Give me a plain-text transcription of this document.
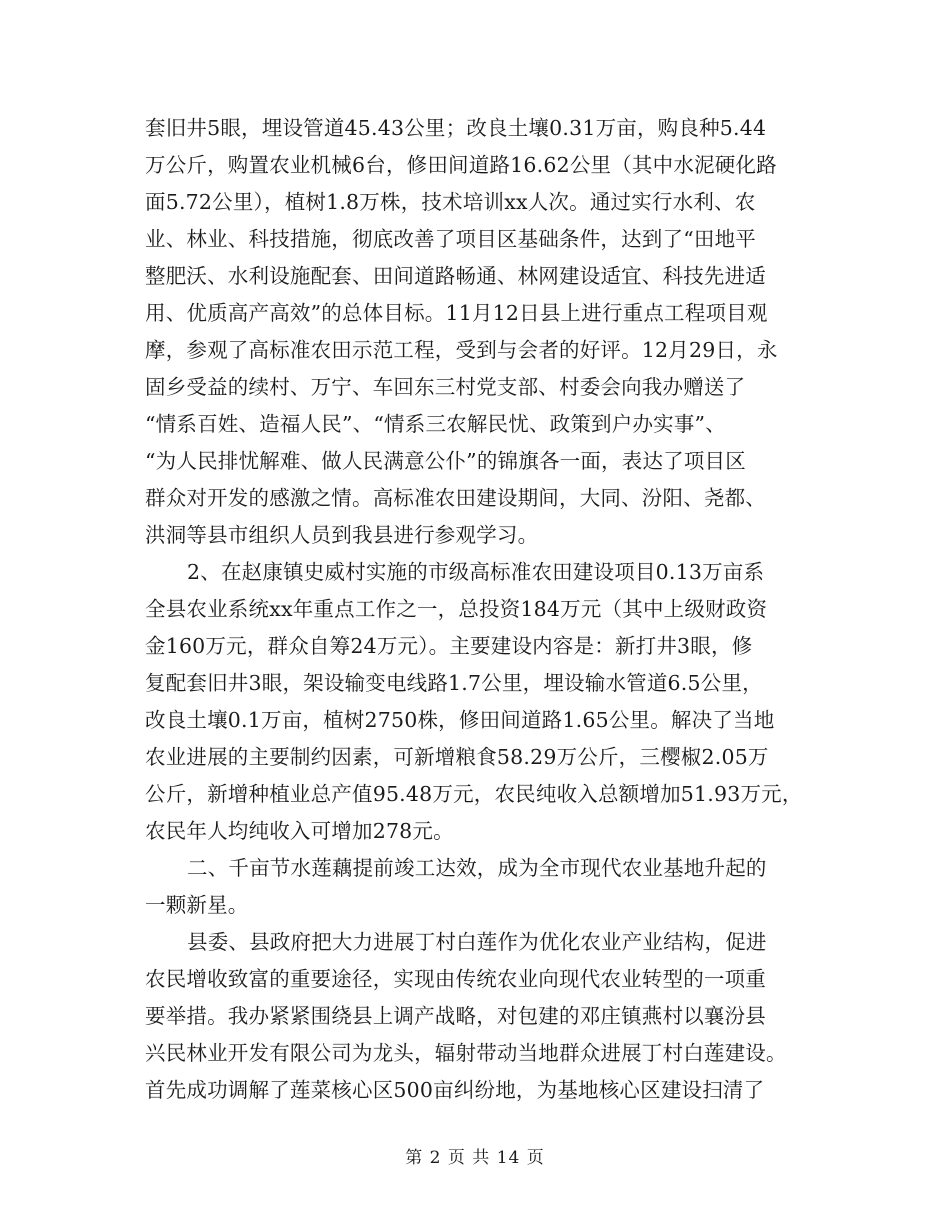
套旧井5眼，埋设管道45.43公里；改良土壤0.31万亩，购良种5.44
万公斤，购置农业机械6台，修田间道路16.62公里（其中水泥硬化路
面5.72公里），植树1.8万株，技术培训xx人次。通过实行水利、农
业、林业、科技措施，彻底改善了项目区基础条件，达到了“田地平
整肥沃、水利设施配套、田间道路畅通、林网建设适宜、科技先进适
用、优质高产高效”的总体目标。11月12日县上进行重点工程项目观
摩，参观了高标准农田示范工程，受到与会者的好评。12月29日，永
固乡受益的续村、万宁、车回东三村党支部、村委会向我办赠送了
“情系百姓、造福人民”、“情系三农解民忧、政策到户办实事”、
“为人民排忧解难、做人民满意公仆”的锦旗各一面，表达了项目区
群众对开发的感激之情。高标准农田建设期间，大同、汾阳、尧都、
洪洞等县市组织人员到我县进行参观学习。
2、在赵康镇史威村实施的市级高标准农田建设项目0.13万亩系
全县农业系统xx年重点工作之一，总投资184万元（其中上级财政资
金160万元，群众自筹24万元）。主要建设内容是：新打井3眼，修
复配套旧井3眼，架设输变电线路1.7公里，埋设输水管道6.5公里，
改良土壤0.1万亩，植树2750株，修田间道路1.65公里。解决了当地
农业进展的主要制约因素，可新增粮食58.29万公斤，三樱椒2.05万
公斤，新增种植业总产值95.48万元，农民纯收入总额增加51.93万元，
农民年人均纯收入可增加278元。
二、千亩节水莲藕提前竣工达效，成为全市现代农业基地升起的
一颗新星。
县委、县政府把大力进展丁村白莲作为优化农业产业结构，促进
农民增收致富的重要途径，实现由传统农业向现代农业转型的一项重
要举措。我办紧紧围绕县上调产战略，对包建的邓庄镇燕村以襄汾县
兴民林业开发有限公司为龙头，辐射带动当地群众进展丁村白莲建设。
首先成功调解了莲菜核心区500亩纠纷地，为基地核心区建设扫清了
第 2 页 共 14 页
